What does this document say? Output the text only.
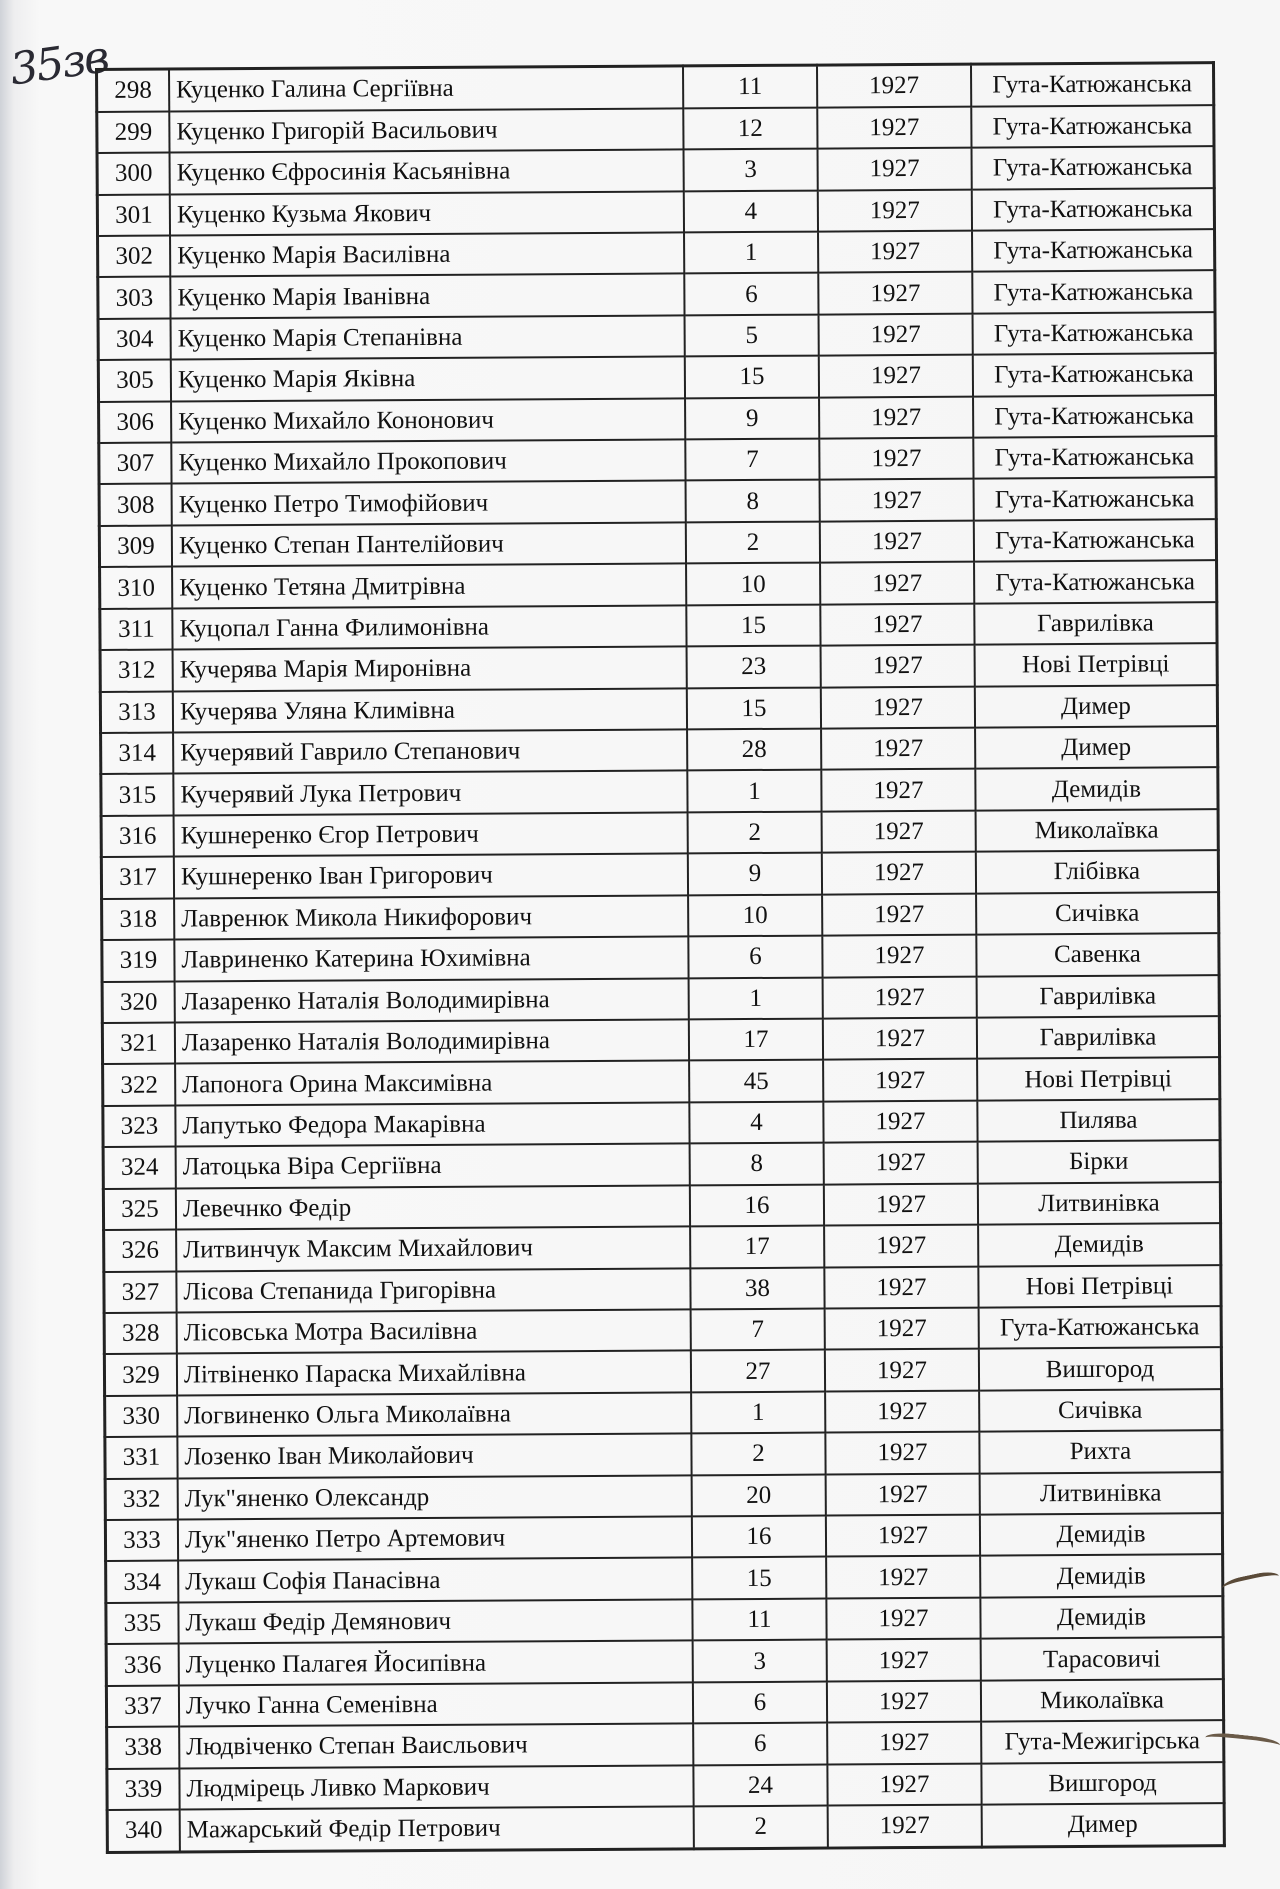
35зв 298	Куценко Галина Сергіївна	11	1927	Гута-Катюжанська
299	Куценко Григорій Васильович	12	1927	Гута-Катюжанська
300	Куценко Єфросинія Касьянівна	3	1927	Гута-Катюжанська
301	Куценко Кузьма Якович	4	1927	Гута-Катюжанська
302	Куценко Марія Василівна	1	1927	Гута-Катюжанська
303	Куценко Марія Іванівна	6	1927	Гута-Катюжанська
304	Куценко Марія Степанівна	5	1927	Гута-Катюжанська
305	Куценко Марія Яківна	15	1927	Гута-Катюжанська
306	Куценко Михайло Кононович	9	1927	Гута-Катюжанська
307	Куценко Михайло Прокопович	7	1927	Гута-Катюжанська
308	Куценко Петро Тимофійович	8	1927	Гута-Катюжанська
309	Куценко Степан Пантелійович	2	1927	Гута-Катюжанська
310	Куценко Тетяна Дмитрівна	10	1927	Гута-Катюжанська
311	Куцопал Ганна Филимонівна	15	1927	Гаврилівка
312	Кучерява Марія Миронівна	23	1927	Нові Петрівці
313	Кучерява Уляна Климівна	15	1927	Димер
314	Кучерявий Гаврило Степанович	28	1927	Димер
315	Кучерявий Лука Петрович	1	1927	Демидів
316	Кушнеренко Єгор Петрович	2	1927	Миколаївка
317	Кушнеренко Іван Григорович	9	1927	Глібівка
318	Лавренюк Микола Никифорович	10	1927	Сичівка
319	Лавриненко Катерина Юхимівна	6	1927	Савенка
320	Лазаренко Наталія Володимирівна	1	1927	Гаврилівка
321	Лазаренко Наталія Володимирівна	17	1927	Гаврилівка
322	Лапонога Орина Максимівна	45	1927	Нові Петрівці
323	Лапутько Федора Макарівна	4	1927	Пилява
324	Латоцька Віра Сергіївна	8	1927	Бірки
325	Левечнко Федір	16	1927	Литвинівка
326	Литвинчук Максим Михайлович	17	1927	Демидів
327	Лісова Степанида Григорівна	38	1927	Нові Петрівці
328	Лісовська Мотра Василівна	7	1927	Гута-Катюжанська
329	Літвіненко Параска Михайлівна	27	1927	Вишгород
330	Логвиненко Ольга Миколаївна	1	1927	Сичівка
331	Лозенко Іван Миколайович	2	1927	Рихта
332	Лук"яненко Олександр	20	1927	Литвинівка
333	Лук"яненко Петро Артемович	16	1927	Демидів
334	Лукаш Софія Панасівна	15	1927	Демидів
335	Лукаш Федір Демянович	11	1927	Демидів
336	Луценко Палагея Йосипівна	3	1927	Тарасовичі
337	Лучко Ганна Семенівна	6	1927	Миколаївка
338	Людвіченко Степан Ваисльович	6	1927	Гута-Межигірська
339	Людмірець Ливко Маркович	24	1927	Вишгород
340	Мажарський Федір Петрович	2	1927	Димер
